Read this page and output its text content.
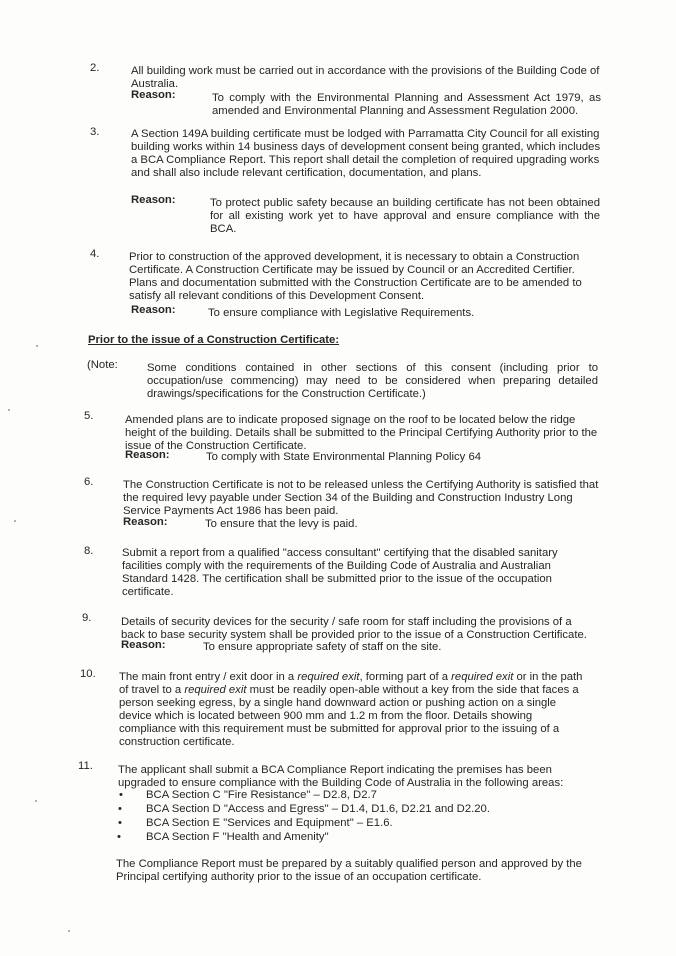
2.	All building work must be carried out in accordance with the provisions of the Building Code of Australia.
Reason:	To comply with the Environmental Planning and Assessment Act 1979, as amended and Environmental Planning and Assessment Regulation 2000.
3.	A Section 149A building certificate must be lodged with Parramatta City Council for all existing building works within 14 business days of development consent being granted, which includes a BCA Compliance Report. This report shall detail the completion of required upgrading works and shall also include relevant certification, documentation, and plans.
Reason:	To protect public safety because an building certificate has not been obtained for all existing work yet to have approval and ensure compliance with the BCA.
4.	Prior to construction of the approved development, it is necessary to obtain a Construction Certificate. A Construction Certificate may be issued by Council or an Accredited Certifier. Plans and documentation submitted with the Construction Certificate are to be amended to satisfy all relevant conditions of this Development Consent.
Reason:	To ensure compliance with Legislative Requirements.
Prior to the issue of a Construction Certificate:
(Note:	Some conditions contained in other sections of this consent (including prior to occupation/use commencing) may need to be considered when preparing detailed drawings/specifications for the Construction Certificate.)
5.	Amended plans are to indicate proposed signage on the roof to be located below the ridge height of the building. Details shall be submitted to the Principal Certifying Authority prior to the issue of the Construction Certificate.
Reason:	To comply with State Environmental Planning Policy 64
6.	The Construction Certificate is not to be released unless the Certifying Authority is satisfied that the required levy payable under Section 34 of the Building and Construction Industry Long Service Payments Act 1986 has been paid.
Reason:	To ensure that the levy is paid.
8.	Submit a report from a qualified "access consultant" certifying that the disabled sanitary facilities comply with the requirements of the Building Code of Australia and Australian Standard 1428. The certification shall be submitted prior to the issue of the occupation certificate.
9.	Details of security devices for the security / safe room for staff including the provisions of a back to base security system shall be provided prior to the issue of a Construction Certificate.
Reason:	To ensure appropriate safety of staff on the site.
10. The main front entry / exit door in a required exit, forming part of a required exit or in the path of travel to a required exit must be readily open-able without a key from the side that faces a person seeking egress, by a single hand downward action or pushing action on a single device which is located between 900 mm and 1.2 m from the floor. Details showing compliance with this requirement must be submitted for approval prior to the issuing of a construction certificate.
11. The applicant shall submit a BCA Compliance Report indicating the premises has been upgraded to ensure compliance with the Building Code of Australia in the following areas:
• BCA Section C "Fire Resistance" – D2.8, D2.7
• BCA Section D "Access and Egress" – D1.4, D1.6, D2.21 and D2.20.
• BCA Section E "Services and Equipment" – E1.6.
• BCA Section F "Health and Amenity"
The Compliance Report must be prepared by a suitably qualified person and approved by the Principal certifying authority prior to the issue of an occupation certificate.
